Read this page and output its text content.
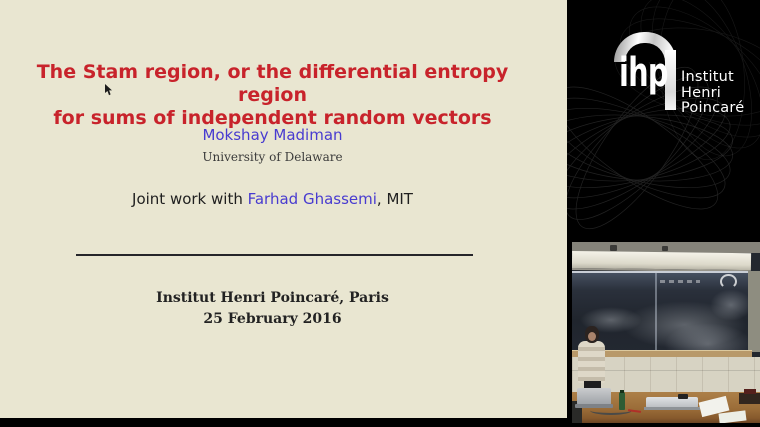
The Stam region, or the differential entropy region
for sums of independent random vectors
Mokshay Madiman
University of Delaware
Joint work with Farhad Ghassemi, MIT
Institut Henri Poincaré, Paris
25 February 2016
ihp Institut
Henri
Poincaré
